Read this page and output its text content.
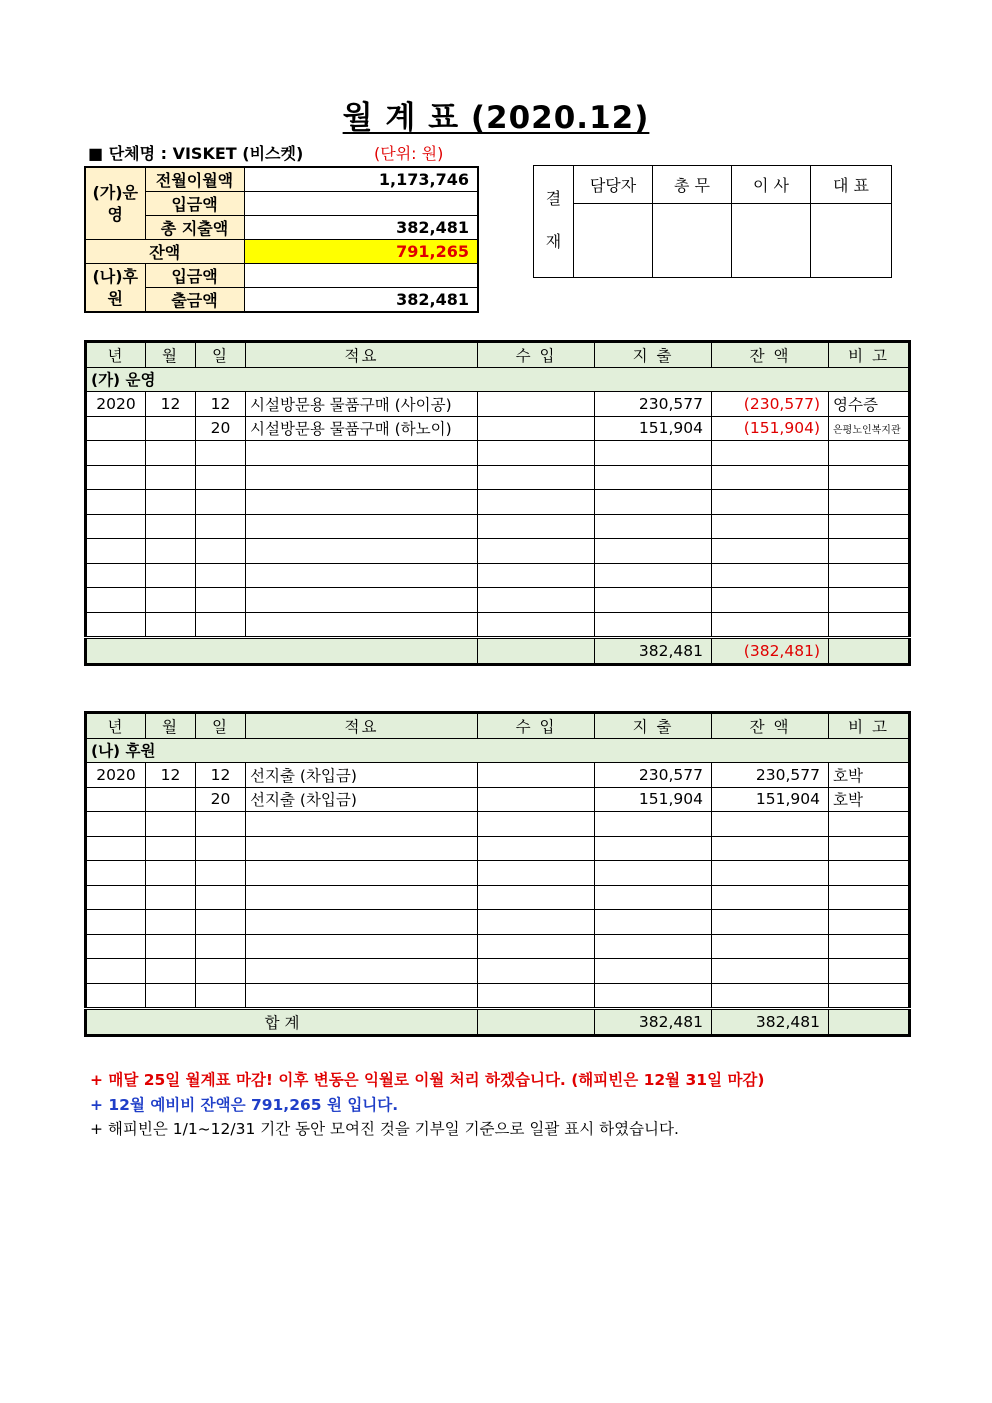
월 계 표 (2020.12)
■ 단체명 : VISKET (비스켓)	(단위: 원)
(가)운영	전월이월액	1,173,746
	입금액	
	총 지출액	382,481
잔액		791,265
(나)후원	입금액	
	출금액	382,481
결
재	담당자	총 무	이 사	대 표

년	월	일	적요	수 입	지 출	잔 액	비 고
(가) 운영							
2020	12	12	시설방문용 물품구매 (사이공)		230,577	(230,577)	영수증
		20	시설방문용 물품구매 (하노이)		151,904	(151,904)	은평노인복지관

					382,481	(382,481)	
년	월	일	적요	수 입	지 출	잔 액	비 고
(나) 후원							
2020	12	12	선지출 (차입금)		230,577	230,577	호박
		20	선지출 (차입금)		151,904	151,904	호박

합 계					382,481	382,481	
+ 매달 25일 월계표 마감! 이후 변동은 익월로 이월 처리 하겠습니다. (해피빈은 12월 31일 마감)
+ 12월 예비비 잔액은 791,265 원 입니다.
+ 해피빈은 1/1~12/31 기간 동안 모여진 것을 기부일 기준으로 일괄 표시 하였습니다.
